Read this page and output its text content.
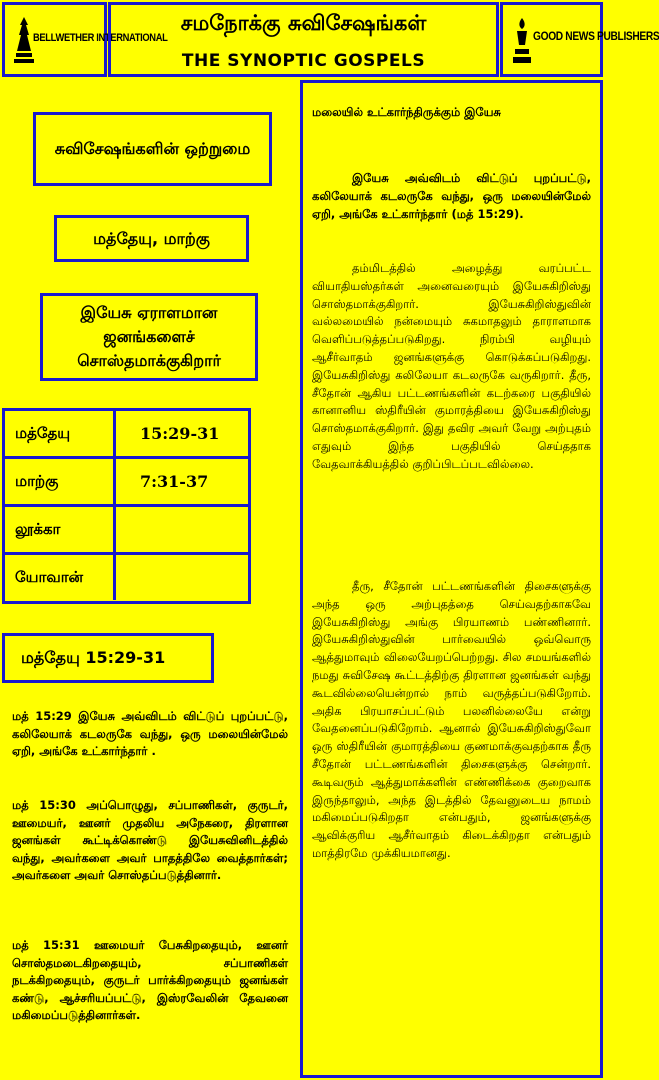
BELLWETHER INTERNATIONAL
சமநோக்கு சுவிசேஷங்கள்
THE SYNOPTIC GOSPELS
GOOD NEWS PUBLISHERS
சுவிசேஷங்களின் ஒற்றுமை
மத்தேயு, மாற்கு
இயேசு ஏராளமான ஜனங்களைச் சொஸ்தமாக்குகிறார்
மத்தேயு	15:29-31
மாற்கு	7:31-37
லூக்கா
யோவான்
மத்தேயு 15:29-31
மத் 15:29 இயேசு அவ்விடம் விட்டுப் புறப்பட்டு, கலிலேயாக் கடலருகே வந்து, ஒரு மலையின்மேல் ஏறி, அங்கே உட்கார்ந்தார் .
மத் 15:30 அப்பொழுது, சப்பாணிகள், குருடர், ஊமையர், ஊனர் முதலிய அநேகரை, திரளான ஜனங்கள் கூட்டிக்கொண்டு இயேசுவினிடத்தில் வந்து, அவர்களை அவர் பாதத்திலே வைத்தார்கள்; அவர்களை அவர் சொஸ்தப்படுத்தினார்.
மத் 15:31 ஊமையர் பேசுகிறதையும், ஊனர் சொஸ்தமடைகிறதையும், சப்பாணிகள் நடக்கிறதையும், குருடர் பார்க்கிறதையும் ஜனங்கள் கண்டு, ஆச்சரியப்பட்டு, இஸ்ரவேலின் தேவனை மகிமைப்படுத்தினார்கள்.
மலையில் உட்கார்ந்திருக்கும் இயேசு
இயேசு அவ்விடம் விட்டுப் புறப்பட்டு, கலிலேயாக் கடலருகே வந்து, ஒரு மலையின்மேல் ஏறி, அங்கே உட்கார்ந்தார் (மத் 15:29).
தம்மிடத்தில் அழைத்து வரப்பட்ட வியாதியஸ்தர்கள் அனைவரையும் இயேசுகிறிஸ்து சொஸ்தமாக்குகிறார். இயேசுகிறிஸ்துவின் வல்லமையில் நன்மையும் சுகமாதலும் தாராளமாக வெளிப்படுத்தப்படுகிறது. நிரம்பி வழியும் ஆசீர்வாதம் ஜனங்களுக்கு கொடுக்கப்படுகிறது. இயேசுகிறிஸ்து கலிலேயா கடலருகே வருகிறார். தீரு, சீதோன் ஆகிய பட்டணங்களின் கடற்கரை பகுதியில் கானானிய ஸ்திரீயின் குமாரத்தியை இயேசுகிறிஸ்து சொஸ்தமாக்குகிறார். இது தவிர அவர் வேறு அற்புதம் எதுவும் இந்த பகுதியில் செய்ததாக வேதவாக்கியத்தில் குறிப்பிடப்படவில்லை.
தீரு, சீதோன் பட்டணங்களின் திசைகளுக்கு அந்த ஒரு அற்புதத்தை செய்வதற்காகவே இயேசுகிறிஸ்து அங்கு பிரயாணம் பண்ணினார். இயேசுகிறிஸ்துவின் பார்வையில் ஒவ்வொரு ஆத்துமாவும் விலையேறப்பெற்றது. சில சமயங்களில் நமது சுவிசேஷ கூட்டத்திற்கு திரளான ஜனங்கள் வந்து கூடவில்லையென்றால் நாம் வருத்தப்படுகிறோம். அதிக பிரயாசப்பட்டும் பலனில்லையே என்று வேதனைப்படுகிறோம். ஆனால் இயேசுகிறிஸ்துவோ ஒரு ஸ்திரீயின் குமாரத்தியை குணமாக்குவதற்காக தீரு சீதோன் பட்டணங்களின் திசைகளுக்கு சென்றார். கூடிவரும் ஆத்துமாக்களின் எண்ணிக்கை குறைவாக இருந்தாலும், அந்த இடத்தில் தேவனுடைய நாமம் மகிமைப்படுகிறதா என்பதும், ஜனங்களுக்கு ஆவிக்குரிய ஆசீர்வாதம் கிடைக்கிறதா என்பதும் மாத்திரமே முக்கியமானது.
